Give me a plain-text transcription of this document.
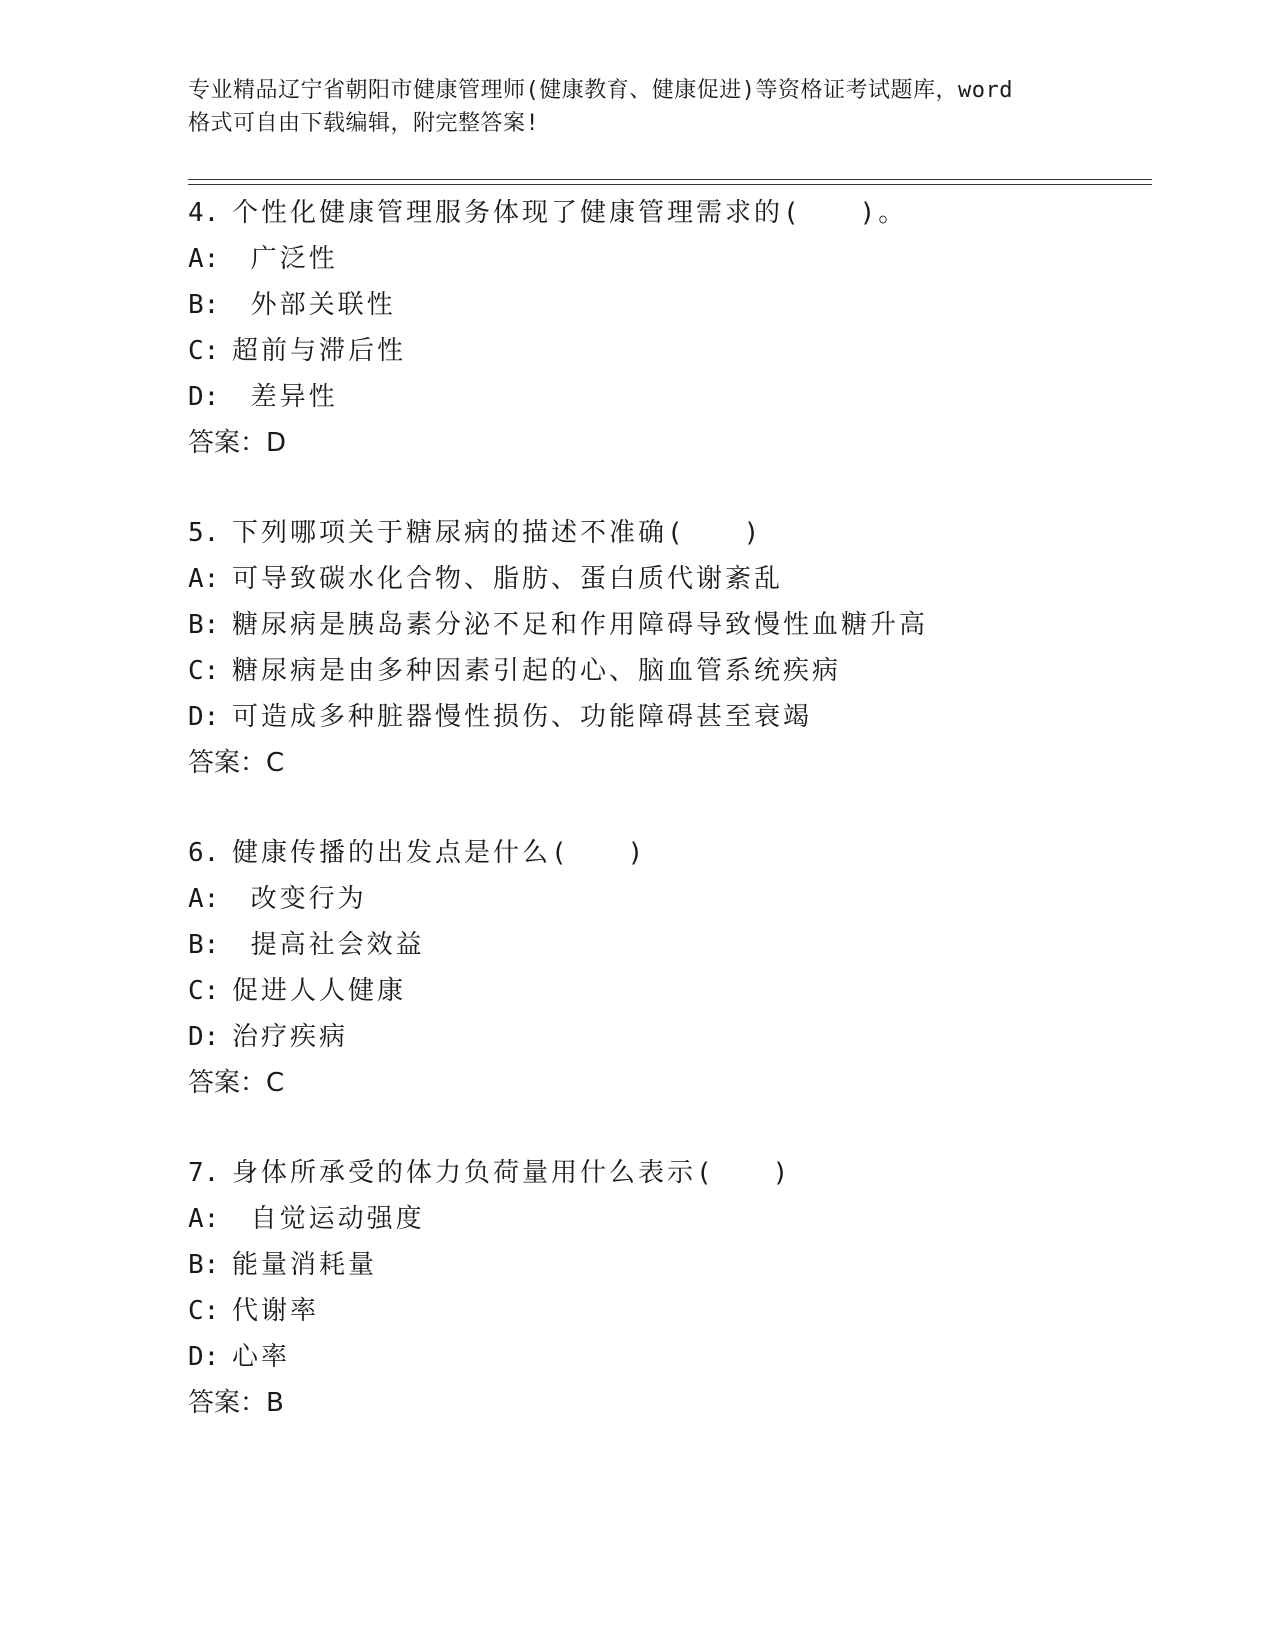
专业精品辽宁省朝阳市健康管理师(健康教育、健康促进)等资格证考试题库，word
格式可自由下载编辑，附完整答案!
4. 个性化健康管理服务体现了健康管理需求的(　　)。
A: 广泛性
B: 外部关联性
C: 超前与滞后性
D: 差异性
答案：D
5. 下列哪项关于糖尿病的描述不准确(　　)
A: 可导致碳水化合物、脂肪、蛋白质代谢紊乱
B: 糖尿病是胰岛素分泌不足和作用障碍导致慢性血糖升高
C: 糖尿病是由多种因素引起的心、脑血管系统疾病
D: 可造成多种脏器慢性损伤、功能障碍甚至衰竭
答案：C
6. 健康传播的出发点是什么(　　)
A: 改变行为
B: 提高社会效益
C: 促进人人健康
D: 治疗疾病
答案：C
7. 身体所承受的体力负荷量用什么表示(　　)
A: 自觉运动强度
B: 能量消耗量
C: 代谢率
D: 心率
答案：B
